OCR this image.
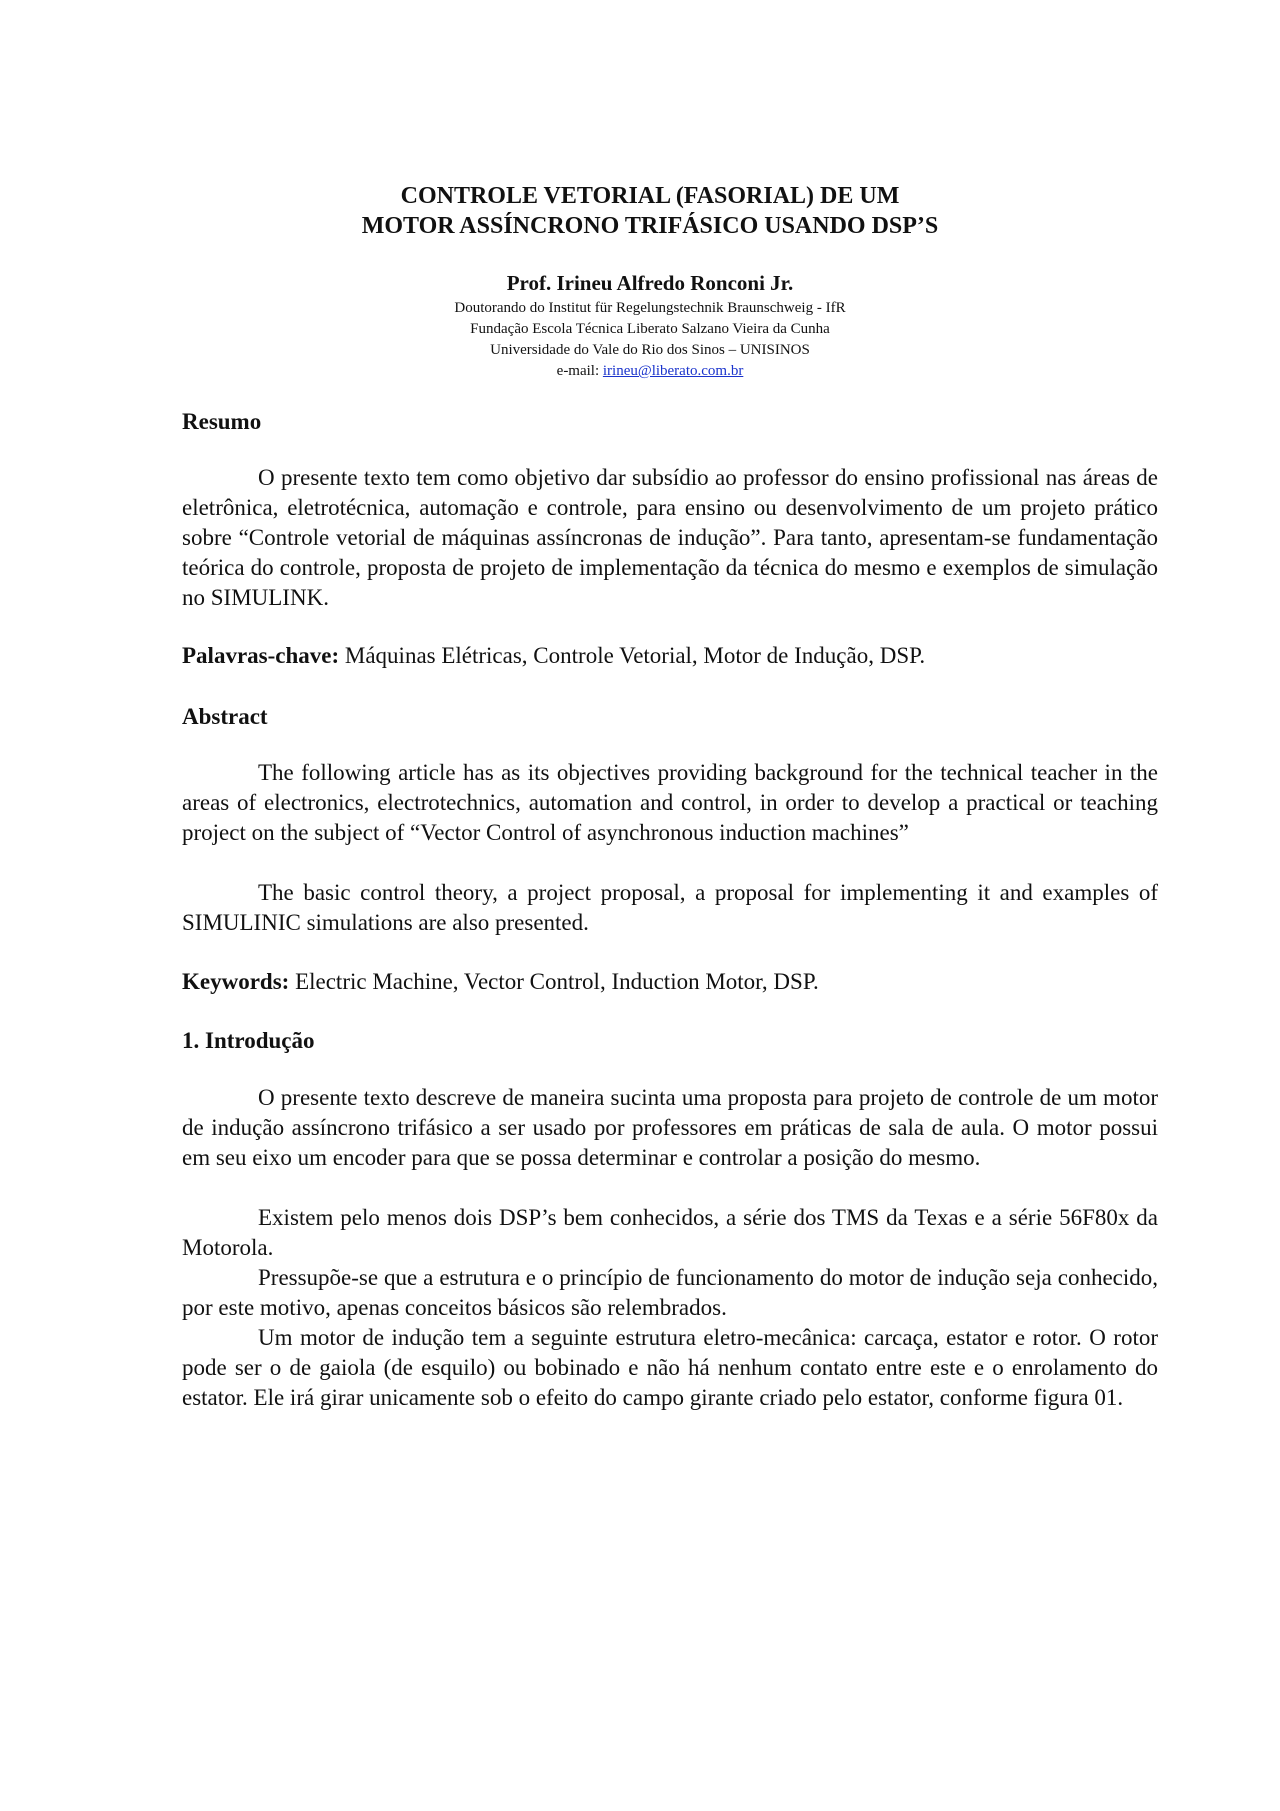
CONTROLE VETORIAL (FASORIAL) DE UM
MOTOR ASSÍNCRONO TRIFÁSICO USANDO DSP’S
Prof. Irineu Alfredo Ronconi Jr.
Doutorando do Institut für Regelungstechnik Braunschweig - IfR
Fundação Escola Técnica Liberato Salzano Vieira da Cunha
Universidade do Vale do Rio dos Sinos – UNISINOS
e-mail: irineu@liberato.com.br
Resumo

O presente texto tem como objetivo dar subsídio ao professor do ensino profissional nas áreas de eletrônica, eletrotécnica, automação e controle, para ensino ou desenvolvimento de um projeto prático sobre “Controle vetorial de máquinas assíncronas de indução”. Para tanto, apresentam-se fundamentação teórica do controle, proposta de projeto de implementação da técnica do mesmo e exemplos de simulação no SIMULINK.

Palavras-chave: Máquinas Elétricas, Controle Vetorial, Motor de Indução, DSP.

Abstract

The following article has as its objectives providing background for the technical teacher in the areas of electronics, electrotechnics, automation and control, in order to develop a practical or teaching project on the subject of “Vector Control of asynchronous induction machines”

The basic control theory, a project proposal, a proposal for implementing it and examples of SIMULINIC simulations are also presented.

Keywords: Electric Machine, Vector Control, Induction Motor, DSP.

1. Introdução

O presente texto descreve de maneira sucinta uma proposta para projeto de controle de um motor de indução assíncrono trifásico a ser usado por professores em práticas de sala de aula. O motor possui em seu eixo um encoder para que se possa determinar e controlar a posição do mesmo.

Existem pelo menos dois DSP’s bem conhecidos, a série dos TMS da Texas e a série 56F80x da Motorola.

Pressupõe-se que a estrutura e o princípio de funcionamento do motor de indução seja conhecido, por este motivo, apenas conceitos básicos são relembrados.

Um motor de indução tem a seguinte estrutura eletro-mecânica: carcaça, estator e rotor. O rotor pode ser o de gaiola (de esquilo) ou bobinado e não há nenhum contato entre este e o enrolamento do estator. Ele irá girar unicamente sob o efeito do campo girante criado pelo estator, conforme figura 01.
